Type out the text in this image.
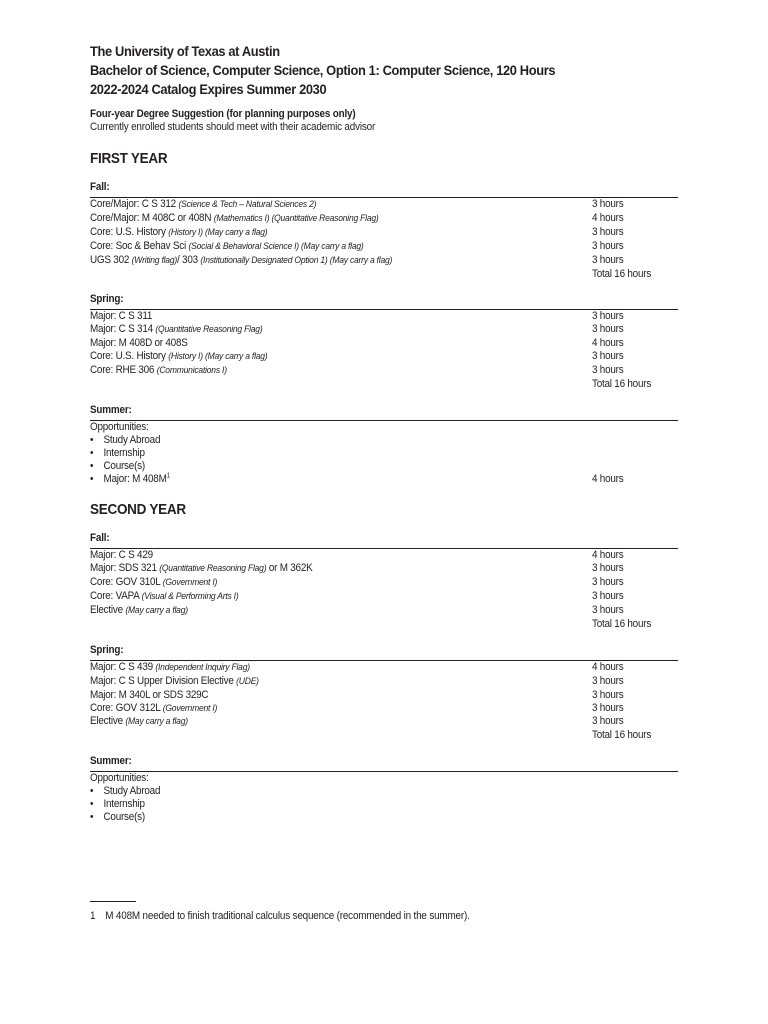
The University of Texas at Austin
Bachelor of Science, Computer Science, Option 1: Computer Science, 120 Hours
2022-2024 Catalog Expires Summer 2030
Four-year Degree Suggestion (for planning purposes only)
Currently enrolled students should meet with their academic advisor
FIRST YEAR
Fall:
Core/Major: C S 312 (Science & Tech – Natural Sciences 2)	3 hours
Core/Major: M 408C or 408N (Mathematics I) (Quantitative Reasoning Flag)	4 hours
Core: U.S. History (History I) (May carry a flag)	3 hours
Core: Soc & Behav Sci (Social & Behavioral Science I) (May carry a flag)	3 hours
UGS 302 (Writing flag)/ 303 (Institutionally Designated Option 1) (May carry a flag)	3 hours
Total 16 hours
Spring:
Major: C S 311	3 hours
Major: C S 314 (Quantitative Reasoning Flag)	3 hours
Major: M 408D or 408S	4 hours
Core: U.S. History (History I) (May carry a flag)	3 hours
Core: RHE 306 (Communications I)	3 hours
Total 16 hours
Summer:
Opportunities:
• Study Abroad
• Internship
• Course(s)
• Major: M $408M^1$	4 hours
SECOND YEAR
Fall:
Major: C S 429	4 hours
Major: SDS 321 (Quantitative Reasoning Flag) or M 362K	3 hours
Core: GOV 310L (Government I)	3 hours
Core: VAPA (Visual & Performing Arts I)	3 hours
Elective (May carry a flag)	3 hours
Total 16 hours
Spring:
Major: C S 439 (Independent Inquiry Flag)	4 hours
Major: C S Upper Division Elective (UDE)	3 hours
Major: M 340L or SDS 329C	3 hours
Core: GOV 312L (Government I)	3 hours
Elective (May carry a flag)	3 hours
Total 16 hours
Summer:
Opportunities:
• Study Abroad
• Internship
• Course(s)
1 M 408M needed to finish traditional calculus sequence (recommended in the summer).
